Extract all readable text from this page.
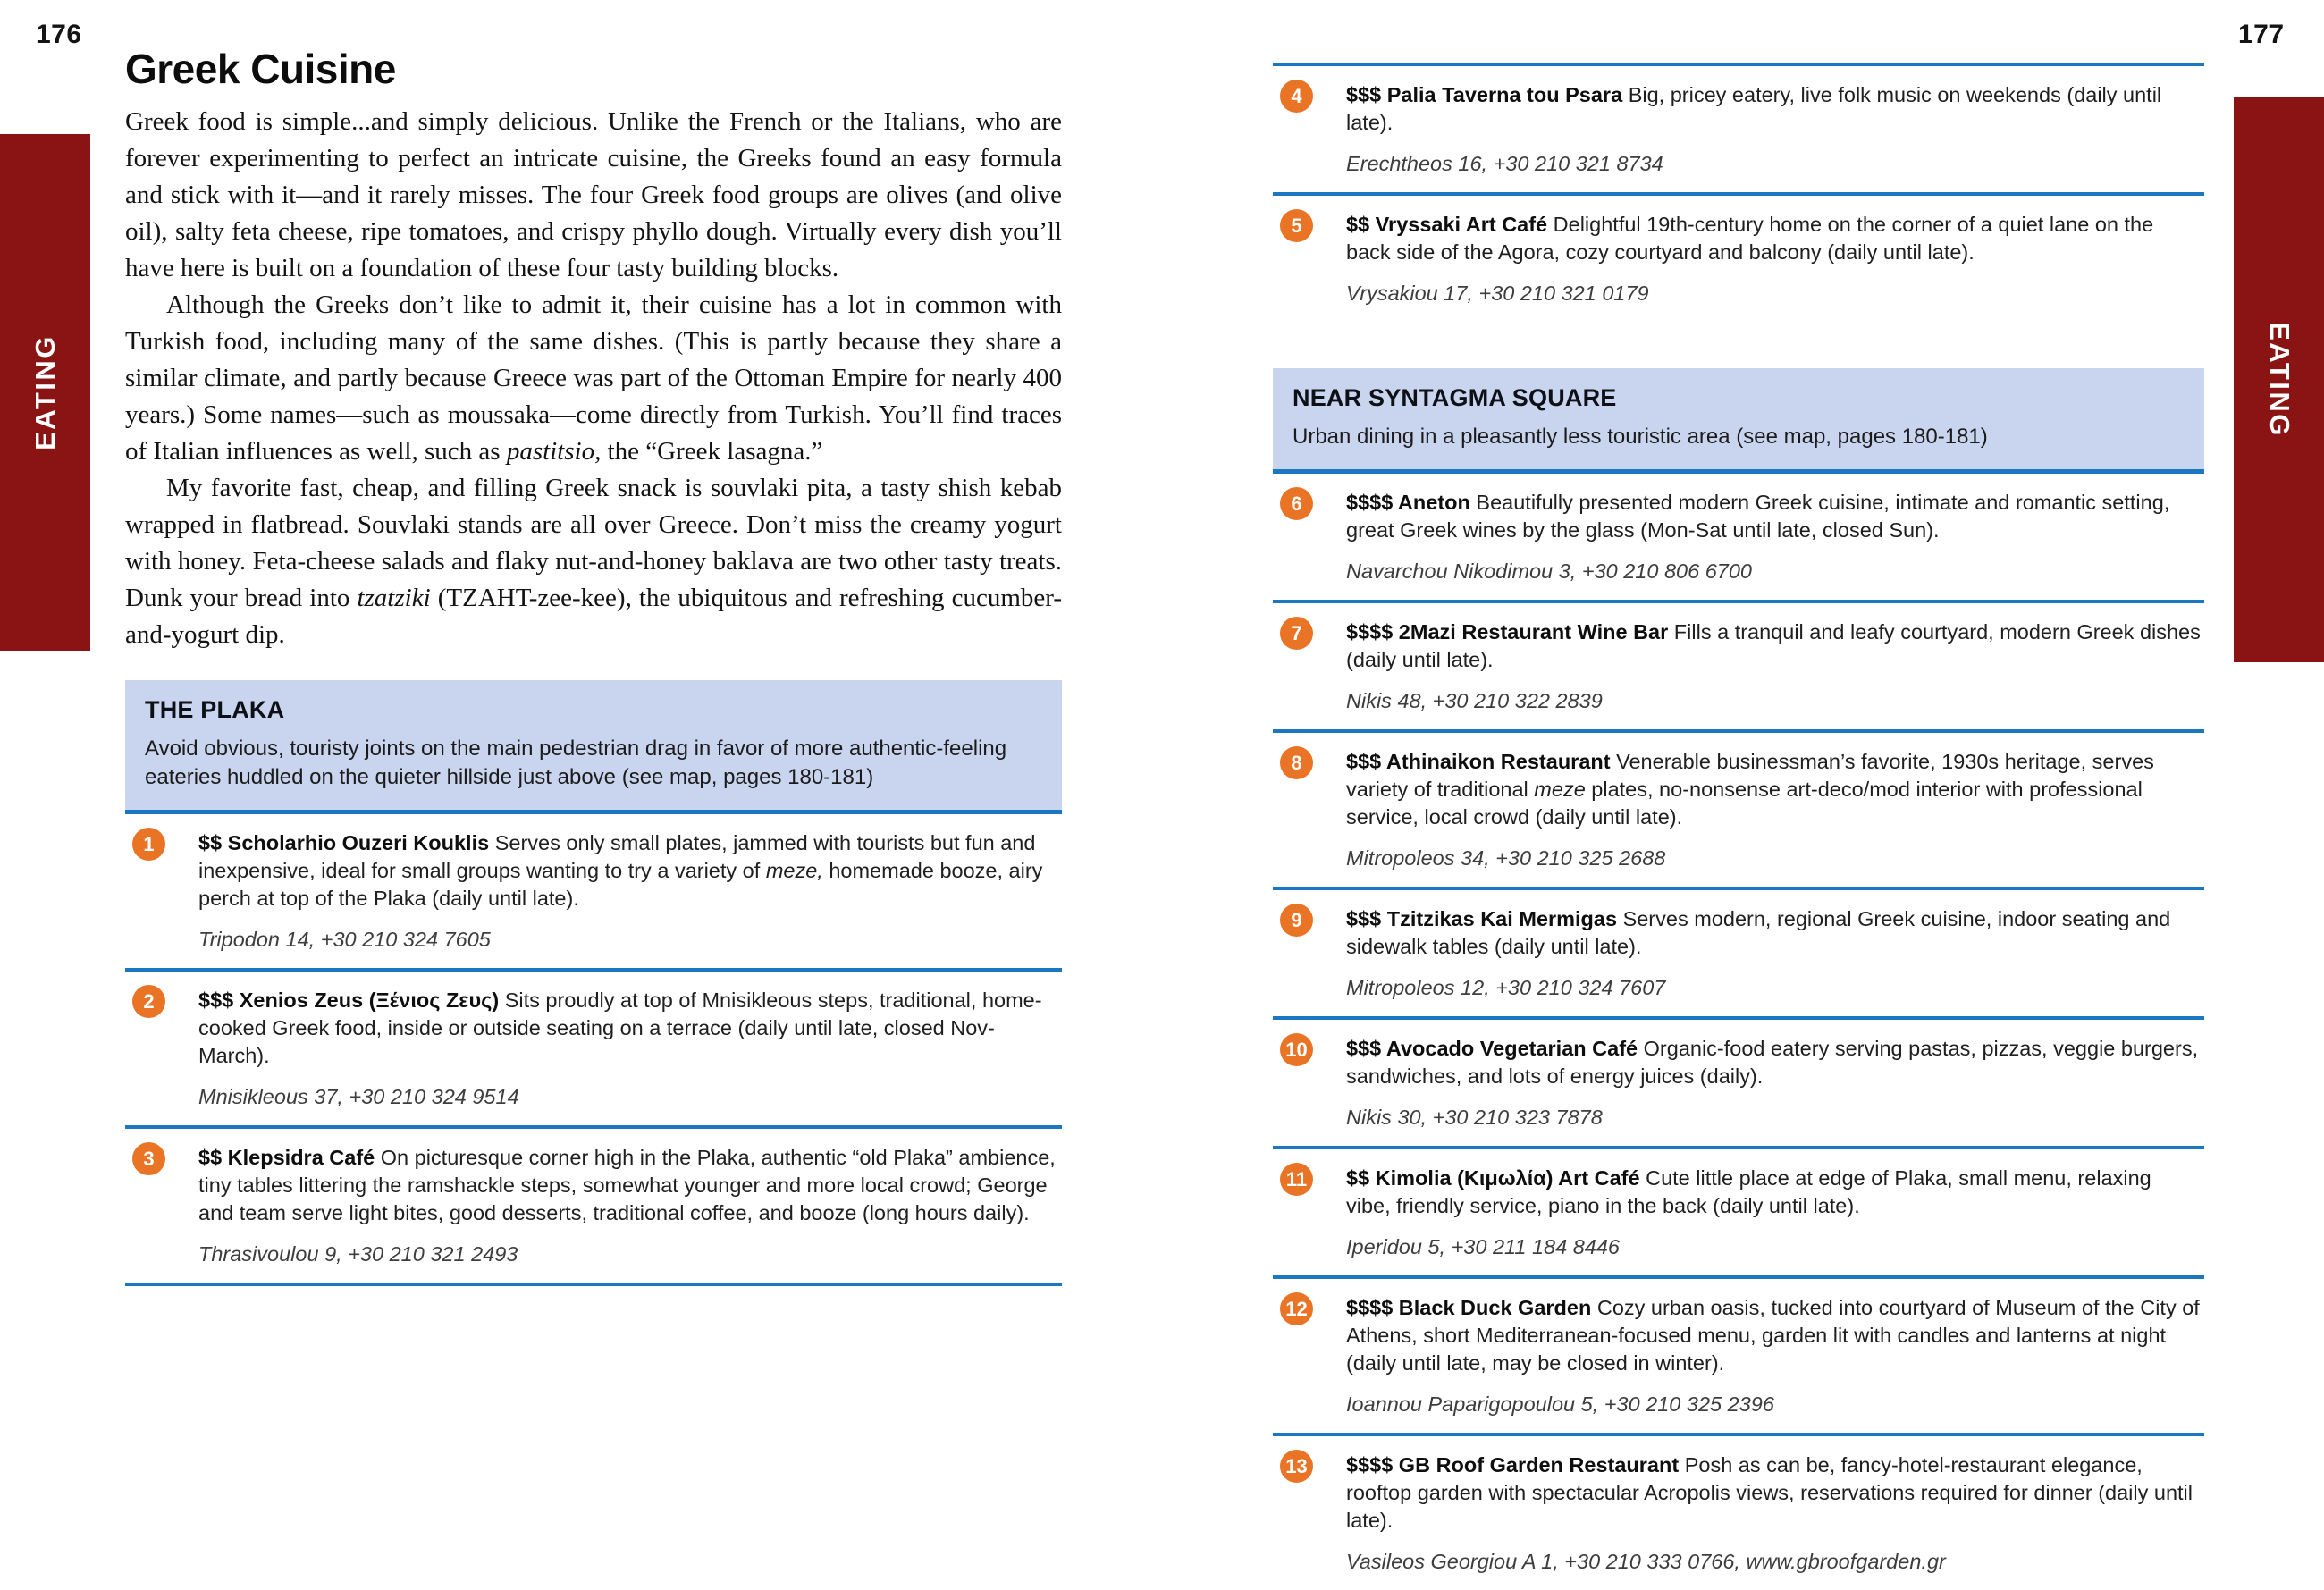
176	177
EATING	EATING
Greek Cuisine

Greek food is simple...and simply delicious. Unlike the French or the Italians, who are forever experimenting to perfect an intricate cuisine, the Greeks found an easy formula and stick with it—and it rarely misses. The four Greek food groups are olives (and olive oil), salty feta cheese, ripe tomatoes, and crispy phyllo dough. Virtually every dish you’ll have here is built on a foundation of these four tasty building blocks.

Although the Greeks don’t like to admit it, their cuisine has a lot in common with Turkish food, including many of the same dishes. (This is partly because they share a similar climate, and partly because Greece was part of the Ottoman Empire for nearly 400 years.) Some names—such as moussaka—come directly from Turkish. You’ll find traces of Italian influences as well, such as pastitsio, the “Greek lasagna.”

My favorite fast, cheap, and filling Greek snack is souvlaki pita, a tasty shish kebab wrapped in flatbread. Souvlaki stands are all over Greece. Don’t miss the creamy yogurt with honey. Feta-cheese salads and flaky nut-and-honey baklava are two other tasty treats. Dunk your bread into tzatziki (TZAHT-zee-kee), the ubiquitous and refreshing cucumber-and-yogurt dip.

THE PLAKA
Avoid obvious, touristy joints on the main pedestrian drag in favor of more authentic-feeling eateries huddled on the quieter hillside just above (see map, pages 180-181)
1	$$ Scholarhio Ouzeri Kouklis Serves only small plates, jammed with tourists but fun and inexpensive, ideal for small groups wanting to try a variety of meze, homemade booze, airy perch at top of the Plaka (daily until late).
Tripodon 14, +30 210 324 7605
2	$$$ Xenios Zeus (Ξένιος Ζευς) Sits proudly at top of Mnisikleous steps, traditional, home-cooked Greek food, inside or outside seating on a terrace (daily until late, closed Nov-March).
Mnisikleous 37, +30 210 324 9514
3	$$ Klepsidra Café On picturesque corner high in the Plaka, authentic “old Plaka” ambience, tiny tables littering the ramshackle steps, somewhat younger and more local crowd; George and team serve light bites, good desserts, traditional coffee, and booze (long hours daily).
Thrasivoulou 9, +30 210 321 2493
4	$$$ Palia Taverna tou Psara Big, pricey eatery, live folk music on weekends (daily until late).
Erechtheos 16, +30 210 321 8734
5	$$ Vryssaki Art Café Delightful 19th-century home on the corner of a quiet lane on the back side of the Agora, cozy courtyard and balcony (daily until late).
Vrysakiou 17, +30 210 321 0179
NEAR SYNTAGMA SQUARE
Urban dining in a pleasantly less touristic area (see map, pages 180-181)
6	$$$$ Aneton Beautifully presented modern Greek cuisine, intimate and romantic setting, great Greek wines by the glass (Mon-Sat until late, closed Sun).
Navarchou Nikodimou 3, +30 210 806 6700
7	$$$$ 2Mazi Restaurant Wine Bar Fills a tranquil and leafy courtyard, modern Greek dishes (daily until late).
Nikis 48, +30 210 322 2839
8	$$$ Athinaikon Restaurant Venerable businessman’s favorite, 1930s heritage, serves variety of traditional meze plates, no-nonsense art-deco/mod interior with professional service, local crowd (daily until late).
Mitropoleos 34, +30 210 325 2688
9	$$$ Tzitzikas Kai Mermigas Serves modern, regional Greek cuisine, indoor seating and sidewalk tables (daily until late).
Mitropoleos 12, +30 210 324 7607
10 $$$ Avocado Vegetarian Café Organic-food eatery serving pastas, pizzas, veggie burgers, sandwiches, and lots of energy juices (daily).
Nikis 30, +30 210 323 7878
11 $$ Kimolia (Κιμωλία) Art Café Cute little place at edge of Plaka, small menu, relaxing vibe, friendly service, piano in the back (daily until late).
Iperidou 5, +30 211 184 8446
12 $$$$ Black Duck Garden Cozy urban oasis, tucked into courtyard of Museum of the City of Athens, short Mediterranean-focused menu, garden lit with candles and lanterns at night (daily until late, may be closed in winter).
Ioannou Paparigopoulou 5, +30 210 325 2396
13 $$$$ GB Roof Garden Restaurant Posh as can be, fancy-hotel-restaurant elegance, rooftop garden with spectacular Acropolis views, reservations required for dinner (daily until late).
Vasileos Georgiou A 1, +30 210 333 0766, www.gbroofgarden.gr
